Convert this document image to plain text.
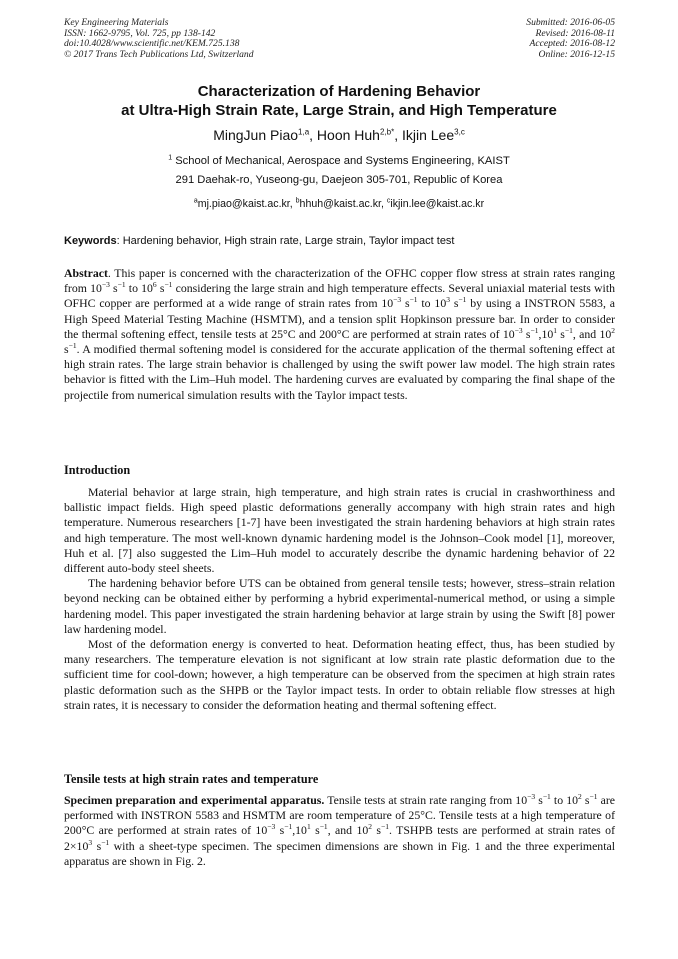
Key Engineering Materials
ISSN: 1662-9795, Vol. 725, pp 138-142
doi:10.4028/www.scientific.net/KEM.725.138
© 2017 Trans Tech Publications Ltd, Switzerland
Submitted: 2016-06-05
Revised: 2016-08-11
Accepted: 2016-08-12
Online: 2016-12-15
Characterization of Hardening Behavior
at Ultra-High Strain Rate, Large Strain, and High Temperature
MingJun Piao$^{1,a}$, Hoon Huh$^{2,b*}$, Ikjin Lee$^{3,c}$
$^1$ School of Mechanical, Aerospace and Systems Engineering, KAIST
291 Daehak-ro, Yuseong-gu, Daejeon 305-701, Republic of Korea
$^a$mj.piao@kaist.ac.kr, $^b$hhuh@kaist.ac.kr, $^c$ikjin.lee@kaist.ac.kr
Keywords: Hardening behavior, High strain rate, Large strain, Taylor impact test

Abstract. This paper is concerned with the characterization of the OFHC copper flow stress at strain rates ranging from $10^{-3}$ $s^{-1}$ to $10^6$ $s^{-1}$ considering the large strain and high temperature effects. Several uniaxial material tests with OFHC copper are performed at a wide range of strain rates from $10^{-3}$ $s^{-1}$ to $10^3$ $s^{-1}$ by using a INSTRON 5583, a High Speed Material Testing Machine (HSMTM), and a tension split Hopkinson pressure bar. In order to consider the thermal softening effect, tensile tests at 25°C and 200°C are performed at strain rates of $10^{-3}$ $s^{-1},10^1$ $s^{-1}$, and $10^2$ $s^{-1}$. A modified thermal softening model is considered for the accurate application of the thermal softening effect at high strain rates. The large strain behavior is challenged by using the swift power law model. The high strain rates behavior is fitted with the Lim–Huh model. The hardening curves are evaluated by comparing the final shape of the projectile from numerical simulation results with the Taylor impact tests.

Introduction

Material behavior at large strain, high temperature, and high strain rates is crucial in crashworthiness and ballistic impact fields. High speed plastic deformations generally accompany with high strain rates and high temperature. Numerous researchers [1-7] have been investigated the strain hardening behaviors at high strain rates and high temperature. The most well-known dynamic hardening model is the Johnson–Cook model [1], moreover, Huh et al. [7] also suggested the Lim–Huh model to accurately describe the dynamic hardening behavior of 22 different auto-body steel sheets.

The hardening behavior before UTS can be obtained from general tensile tests; however, stress–strain relation beyond necking can be obtained either by performing a hybrid experimental-numerical method, or using a simple hardening model. This paper investigated the strain hardening behavior at large strain by using the Swift [8] power law hardening model.

Most of the deformation energy is converted to heat. Deformation heating effect, thus, has been studied by many researchers. The temperature elevation is not significant at low strain rate plastic deformation due to the sufficient time for cool-down; however, a high temperature can be observed from the specimen at high strain rates plastic deformation such as the SHPB or the Taylor impact tests. In order to obtain reliable flow stresses at high strain rates, it is necessary to consider the deformation heating and thermal softening effect.

Tensile tests at high strain rates and temperature

Specimen preparation and experimental apparatus. Tensile tests at strain rate ranging from $10^{-3}$ $s^{-1}$ to $10^2$ $s^{-1}$ are performed with INSTRON 5583 and HSMTM are room temperature of 25°C. Tensile tests at a high temperature of 200°C are performed at strain rates of $10^{-3}$ $s^{-1},10^1$ $s^{-1}$, and $10^2$ $s^{-1}$. TSHPB tests are performed at strain rates of $2\times 10^3$ $s^{-1}$ with a sheet-type specimen. The specimen dimensions are shown in Fig. 1 and the three experimental apparatus are shown in Fig. 2.
